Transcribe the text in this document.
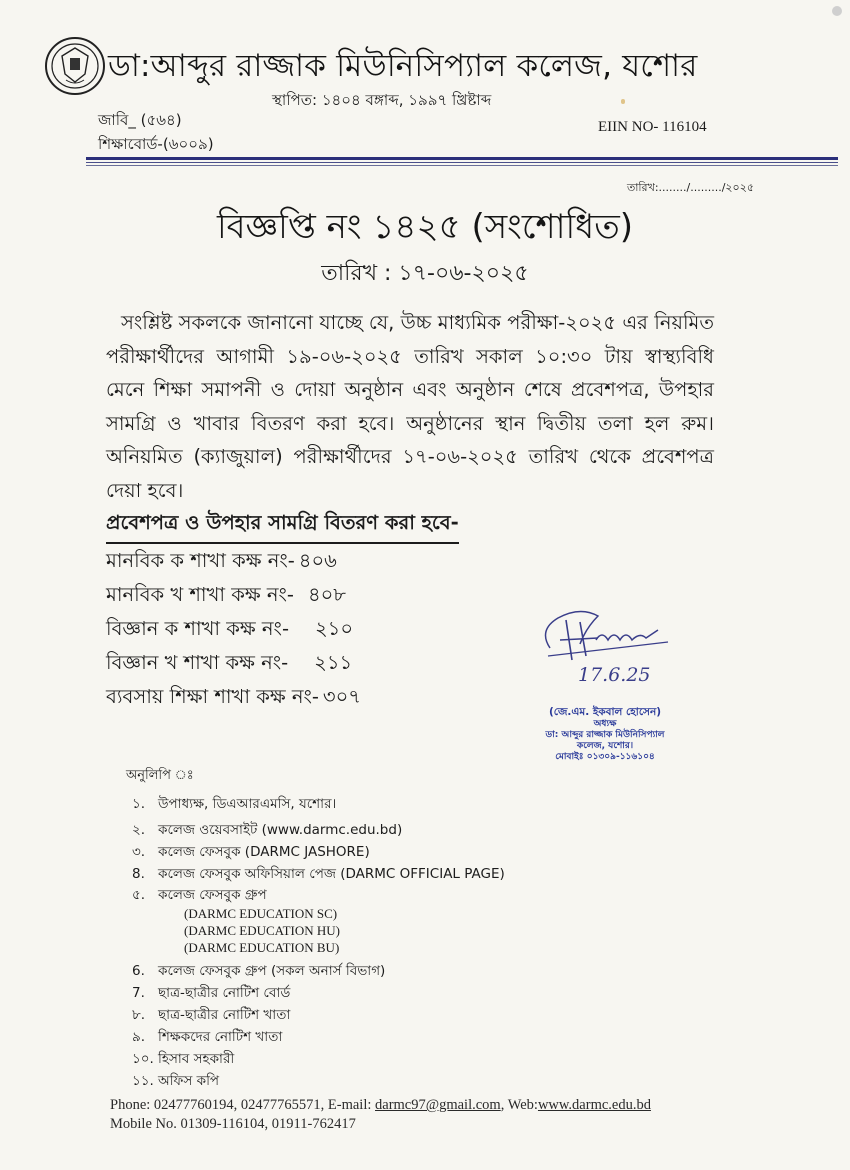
ডা:আব্দুর রাজ্জাক মিউনিসিপ্যাল কলেজ, যশোর
স্থাপিত: ১৪০৪ বঙ্গাব্দ, ১৯৯৭ খ্রিষ্টাব্দ
জাবি_ (৫৬৪)
শিক্ষাবোর্ড-(৬০০৯)
EIIN NO- 116104
তারিখ:......../........./২০২৫
বিজ্ঞপ্তি নং ১৪২৫ (সংশোধিত)
তারিখ : ১৭-০৬-২০২৫
সংশ্লিষ্ট সকলকে জানানো যাচ্ছে যে, উচ্চ মাধ্যমিক পরীক্ষা-২০২৫ এর নিয়মিত পরীক্ষার্থীদের আগামী ১৯-০৬-২০২৫ তারিখ সকাল ১০:৩০ টায় স্বাস্থ্যবিধি মেনে শিক্ষা সমাপনী ও দোয়া অনুষ্ঠান এবং অনুষ্ঠান শেষে প্রবেশপত্র, উপহার সামগ্রি ও খাবার বিতরণ করা হবে। অনুষ্ঠানের স্থান দ্বিতীয় তলা হল রুম। অনিয়মিত (ক্যাজুয়াল) পরীক্ষার্থীদের ১৭-০৬-২০২৫ তারিখ থেকে প্রবেশপত্র দেয়া হবে।
প্রবেশপত্র ও উপহার সামগ্রি বিতরণ করা হবে-
মানবিক ক শাখা কক্ষ নং- ৪০৬
মানবিক খ শাখা কক্ষ নং-৪০৮
বিজ্ঞান ক শাখা কক্ষ নং-২১০
বিজ্ঞান খ শাখা কক্ষ নং-২১১
ব্যবসায় শিক্ষা শাখা কক্ষ নং- ৩০৭
17.6.25
(জে.এম. ইকবাল হোসেন)
অধ্যক্ষ
ডা: আব্দুর রাজ্জাক মিউনিসিপ্যাল
কলেজ, যশোর।
মোবাইঃ ০১৩০৯-১১৬১০৪
অনুলিপি ঃ
১. উপাধ্যক্ষ, ডিএআরএমসি, যশোর।
২. কলেজ ওয়েবসাইট (www.darmc.edu.bd)
৩. কলেজ ফেসবুক (DARMC JASHORE)
8. কলেজ ফেসবুক অফিসিয়াল পেজ (DARMC OFFICIAL PAGE)
৫. কলেজ ফেসবুক গ্রুপ
(DARMC EDUCATION SC)
(DARMC EDUCATION HU)
(DARMC EDUCATION BU)
6. কলেজ ফেসবুক গ্রুপ (সকল অনার্স বিভাগ)
7. ছাত্র-ছাত্রীর নোটিশ বোর্ড
৮. ছাত্র-ছাত্রীর নোটিশ খাতা
৯. শিক্ষকদের নোটিশ খাতা
১০. হিসাব সহকারী
১১. অফিস কপি
Phone: 02477760194, 02477765571, E-mail: darmc97@gmail.com, Web:www.darmc.edu.bd
Mobile No. 01309-116104, 01911-762417
